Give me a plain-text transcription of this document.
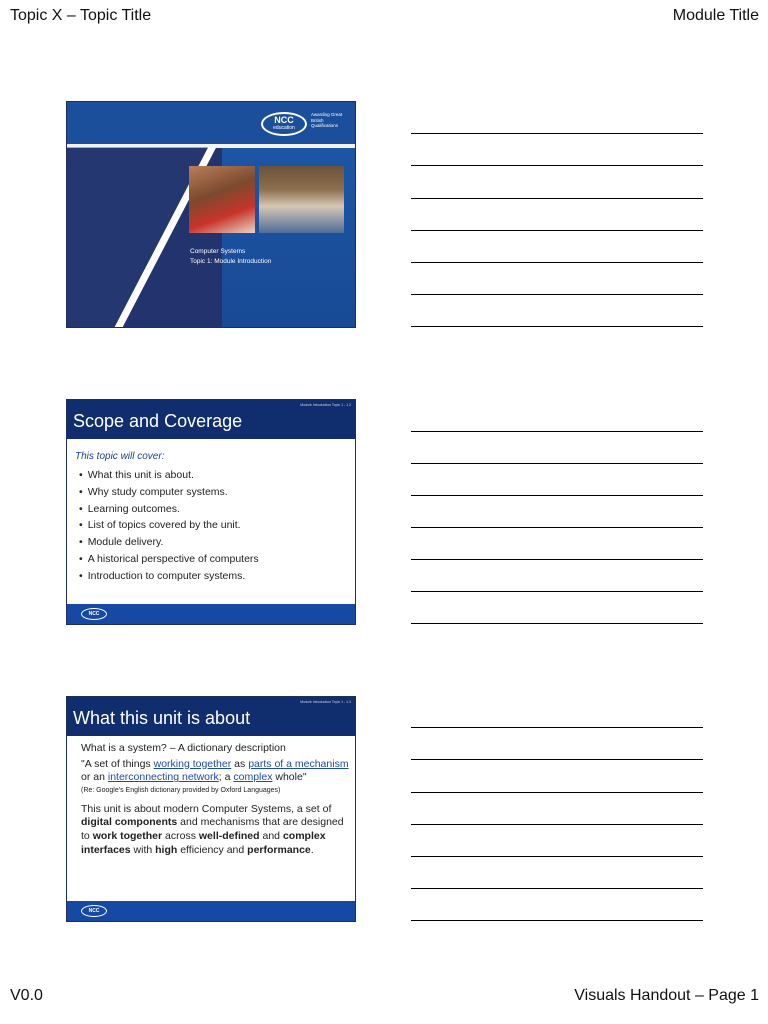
Topic X – Topic Title	Module Title
NCC
education
Awarding Great British Qualifications
Computer Systems
Topic 1: Module Introduction
Scope and Coverage
Module Introduction Topic 1 - 1.2
This topic will cover:
• What this unit is about.
• Why study computer systems.
• Learning outcomes.
• List of topics covered by the unit.
• Module delivery.
• A historical perspective of computers
• Introduction to computer systems.
NCC
What this unit is about
Module Introduction Topic 1 - 1.3

What is a system? – A dictionary description

"A set of things working together as parts of a mechanism or an interconnecting network; a complex whole"

(Re: Google's English dictionary provided by Oxford Languages)

This unit is about modern Computer Systems, a set of digital components and mechanisms that are designed to work together across well-defined and complex interfaces with high efficiency and performance.

NCC
V0.0	Visuals Handout – Page 1
